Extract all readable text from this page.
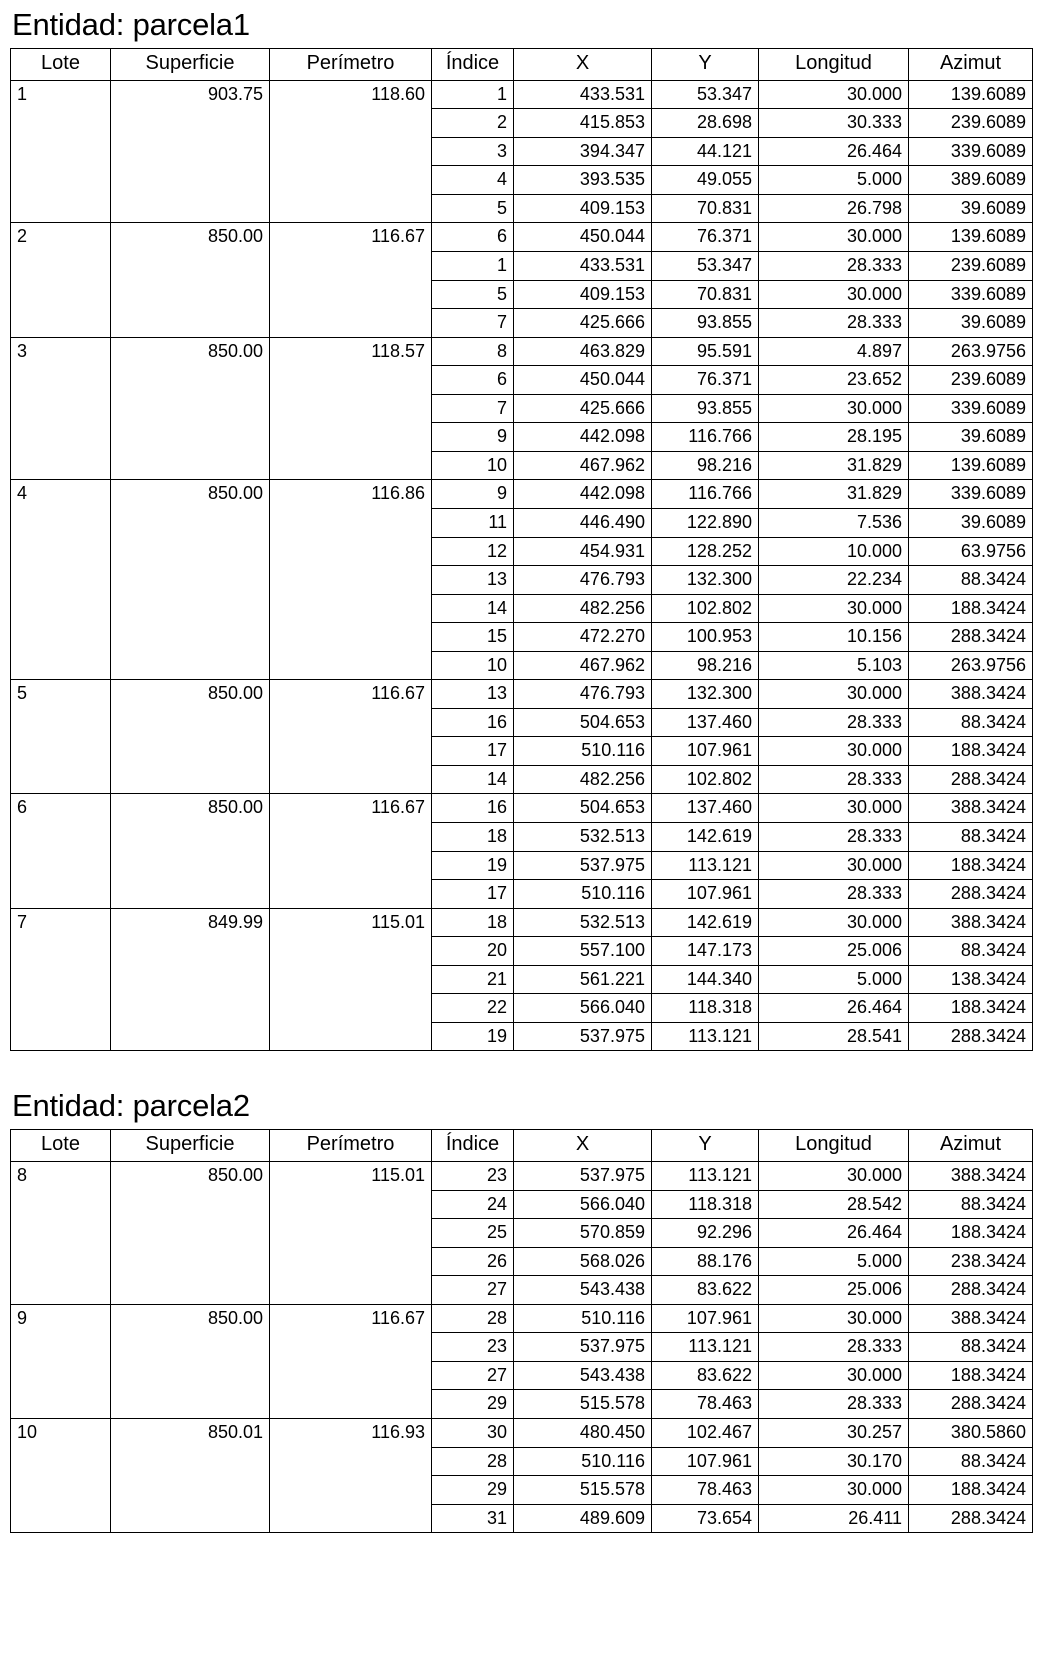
Entidad: parcela1
Lote	Superficie	Perímetro	Índice	X	Y	Longitud	Azimut
1	903.75	118.60	1	433.531	53.347	30.000	139.6089
			2	415.853	28.698	30.333	239.6089
			3	394.347	44.121	26.464	339.6089
			4	393.535	49.055	5.000	389.6089
			5	409.153	70.831	26.798	39.6089
2	850.00	116.67	6	450.044	76.371	30.000	139.6089
			1	433.531	53.347	28.333	239.6089
			5	409.153	70.831	30.000	339.6089
			7	425.666	93.855	28.333	39.6089
3	850.00	118.57	8	463.829	95.591	4.897	263.9756
			6	450.044	76.371	23.652	239.6089
			7	425.666	93.855	30.000	339.6089
			9	442.098	116.766	28.195	39.6089
			10	467.962	98.216	31.829	139.6089
4	850.00	116.86	9	442.098	116.766	31.829	339.6089
			11	446.490	122.890	7.536	39.6089
			12	454.931	128.252	10.000	63.9756
			13	476.793	132.300	22.234	88.3424
			14	482.256	102.802	30.000	188.3424
			15	472.270	100.953	10.156	288.3424
			10	467.962	98.216	5.103	263.9756
5	850.00	116.67	13	476.793	132.300	30.000	388.3424
			16	504.653	137.460	28.333	88.3424
			17	510.116	107.961	30.000	188.3424
			14	482.256	102.802	28.333	288.3424
6	850.00	116.67	16	504.653	137.460	30.000	388.3424
			18	532.513	142.619	28.333	88.3424
			19	537.975	113.121	30.000	188.3424
			17	510.116	107.961	28.333	288.3424
7	849.99	115.01	18	532.513	142.619	30.000	388.3424
			20	557.100	147.173	25.006	88.3424
			21	561.221	144.340	5.000	138.3424
			22	566.040	118.318	26.464	188.3424
			19	537.975	113.121	28.541	288.3424
Entidad: parcela2
Lote	Superficie	Perímetro	Índice	X	Y	Longitud	Azimut
8	850.00	115.01	23	537.975	113.121	30.000	388.3424
			24	566.040	118.318	28.542	88.3424
			25	570.859	92.296	26.464	188.3424
			26	568.026	88.176	5.000	238.3424
			27	543.438	83.622	25.006	288.3424
9	850.00	116.67	28	510.116	107.961	30.000	388.3424
			23	537.975	113.121	28.333	88.3424
			27	543.438	83.622	30.000	188.3424
			29	515.578	78.463	28.333	288.3424
10	850.01	116.93	30	480.450	102.467	30.257	380.5860
			28	510.116	107.961	30.170	88.3424
			29	515.578	78.463	30.000	188.3424
			31	489.609	73.654	26.411	288.3424
